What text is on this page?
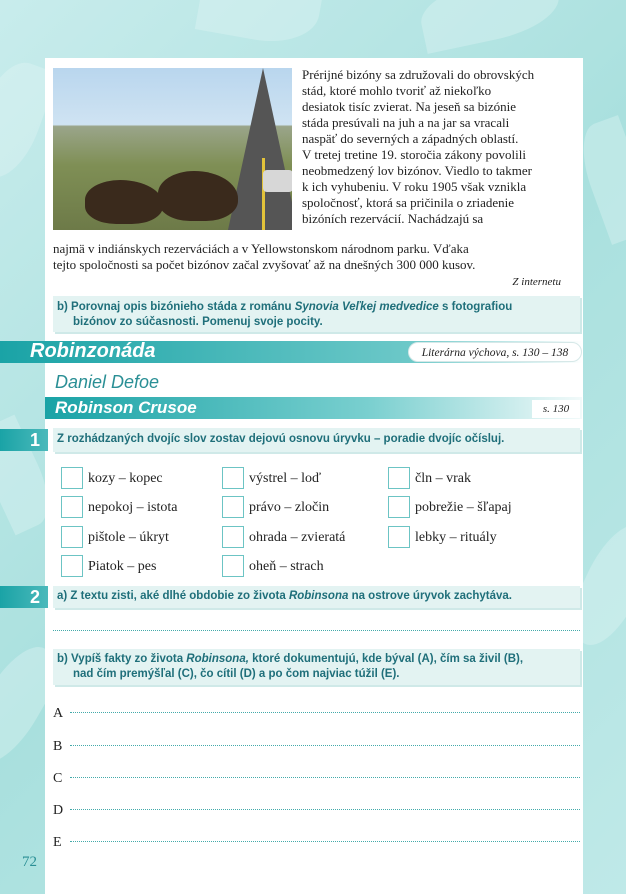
Prérijné bizóny sa združovali do obrovských

stád, ktoré mohlo tvoriť až niekoľko

desiatok tisíc zvierat. Na jeseň sa bizónie

stáda presúvali na juh a na jar sa vracali

naspäť do severných a západných oblastí.

V tretej tretine 19. storočia zákony povolili

neobmedzený lov bizónov. Viedlo to takmer

k ich vyhubeniu. V roku 1905 však vznikla

spoločnosť, ktorá sa pričinila o zriadenie

bizóních rezervácií. Nachádzajú sa

najmä v indiánskych rezerváciách a v Yellowstonskom národnom parku. Vďaka

tejto spoločnosti sa počet bizónov začal zvyšovať až na dnešných 300 000 kusov.

Z internetu
b) Porovnaj opis bizónieho stáda z románu Synovia Veľkej medvedice s fotografiou
bizónov zo súčasnosti. Pomenuj svoje pocity.
Robinzonáda	Literárna výchova, s. 130 – 138
Daniel Defoe
Robinson Crusoe	s. 130
1	Z rozhádzaných dvojíc slov zostav dejovú osnovu úryvku – poradie dvojíc očísluj.
kozy – kopec	výstrel – loď	čln – vrak
nepokoj – istota	právo – zločin	pobrežie – šľapaj
pištole – úkryt	ohrada – zvieratá	lebky – rituály
Piatok – pes	oheň – strach
2	a) Z textu zisti, aké dlhé obdobie zo života Robinsona na ostrove úryvok zachytáva.
b) Vypíš fakty zo života Robinsona, ktoré dokumentujú, kde býval (A), čím sa živil (B),
nad čím premýšľal (C), čo cítil (D) a po čom najviac túžil (E).
A
B
C
D
E
72
